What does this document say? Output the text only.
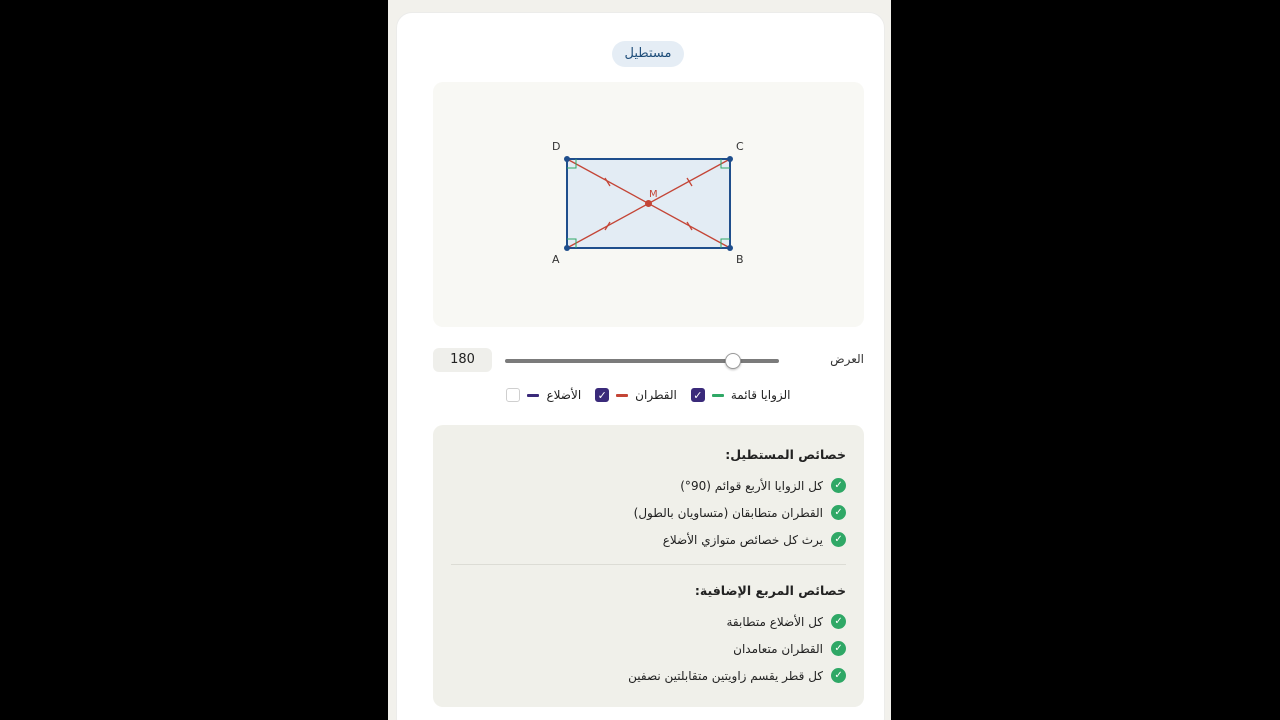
مستطيل
A	B
C
D
M
180	العرض
الزوايا قائمة
✓
القطران
✓
الأضلاع
خصائص المستطيل:
✓
كل الزوايا الأربع قوائم (90°)
✓
القطران متطابقان (متساويان بالطول)
✓
يرث كل خصائص متوازي الأضلاع
خصائص المربع الإضافية:
✓
كل الأضلاع متطابقة
✓
القطران متعامدان
✓
كل قطر يقسم زاويتين متقابلتين نصفين
